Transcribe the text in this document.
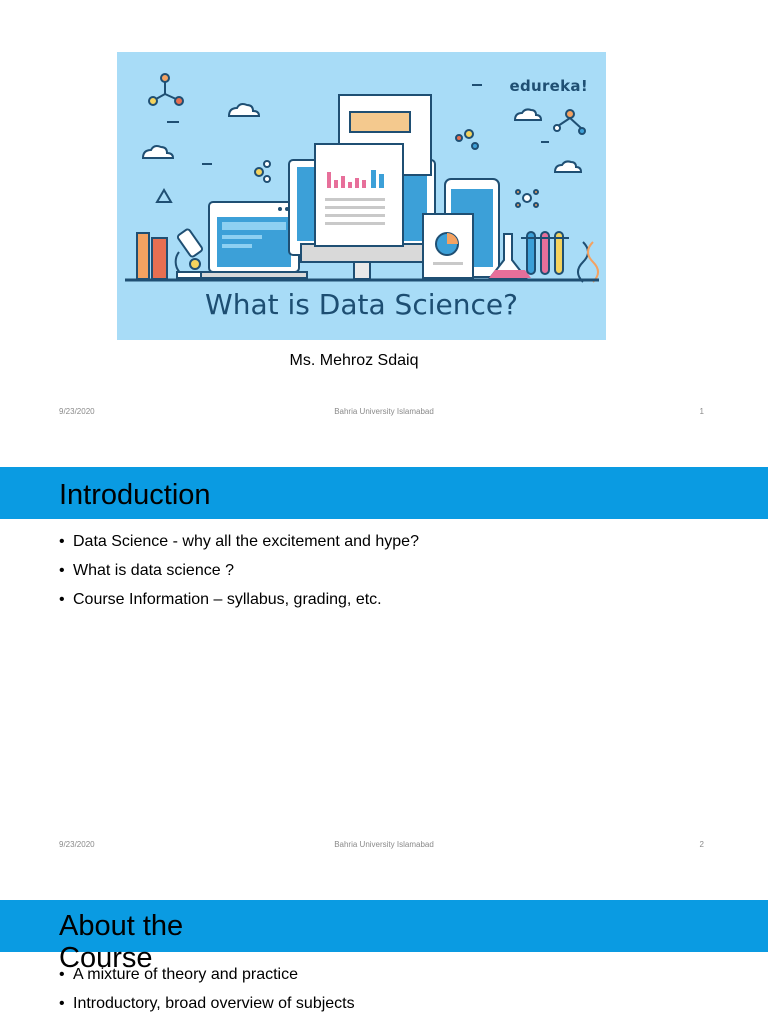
edureka!
What is Data Science?
Ms. Mehroz Sdaiq
9/23/2020	Bahria University Islamabad	1
Introduction
• Data Science - why all the excitement and hype?
• What is data science ?
• Course Information – syllabus, grading, etc.
9/23/2020	Bahria University Islamabad	2
About the Course
• A mixture of theory and practice
• Introductory, broad overview of subjects
